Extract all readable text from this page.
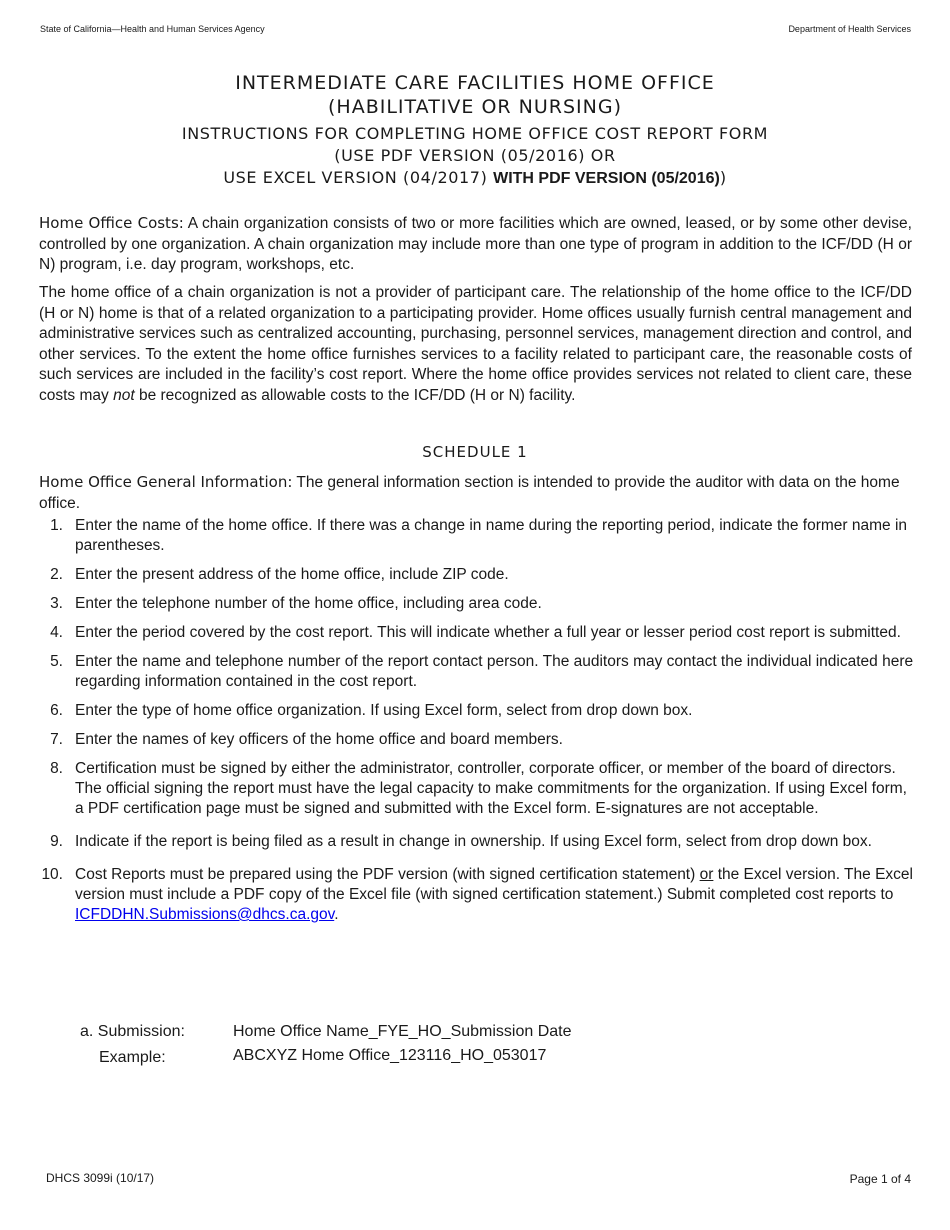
State of California—Health and Human Services Agency	Department of Health Services
INTERMEDIATE CARE FACILITIES HOME OFFICE
(HABILITATIVE OR NURSING)
INSTRUCTIONS FOR COMPLETING HOME OFFICE COST REPORT FORM
(USE PDF VERSION (05/2016) OR
USE EXCEL VERSION (04/2017) WITH PDF VERSION (05/2016))
Home Office Costs: A chain organization consists of two or more facilities which are owned, leased, or by some other devise, controlled by one organization. A chain organization may include more than one type of program in addition to the ICF/DD (H or N) program, i.e. day program, workshops, etc.
The home office of a chain organization is not a provider of participant care. The relationship of the home office to the ICF/DD (H or N) home is that of a related organization to a participating provider. Home offices usually furnish central management and administrative services such as centralized accounting, purchasing, personnel services, management direction and control, and other services. To the extent the home office furnishes services to a facility related to participant care, the reasonable costs of such services are included in the facility’s cost report. Where the home office provides services not related to client care, these costs may not be recognized as allowable costs to the ICF/DD (H or N) facility.
SCHEDULE 1
Home Office General Information: The general information section is intended to provide the auditor with data on the home office.
1. Enter the name of the home office. If there was a change in name during the reporting period, indicate the former name in parentheses.
2. Enter the present address of the home office, include ZIP code.
3. Enter the telephone number of the home office, including area code.
4. Enter the period covered by the cost report. This will indicate whether a full year or lesser period cost report is submitted.
5. Enter the name and telephone number of the report contact person. The auditors may contact the individual indicated here regarding information contained in the cost report.
6. Enter the type of home office organization. If using Excel form, select from drop down box.
7. Enter the names of key officers of the home office and board members.
8. Certification must be signed by either the administrator, controller, corporate officer, or member of the board of directors. The official signing the report must have the legal capacity to make commitments for the organization. If using Excel form, a PDF certification page must be signed and submitted with the Excel form. E-signatures are not acceptable.
9. Indicate if the report is being filed as a result in change in ownership. If using Excel form, select from drop down box.
10. Cost Reports must be prepared using the PDF version (with signed certification statement) or the Excel version. The Excel version must include a PDF copy of the Excel file (with signed certification statement.) Submit completed cost reports to ICFDDHN.Submissions@dhcs.ca.gov.
a. Submission:	Home Office Name_FYE_HO_Submission Date
Example:	ABCXYZ Home Office_123116_HO_053017
DHCS 3099i (10/17)	Page 1 of 4
